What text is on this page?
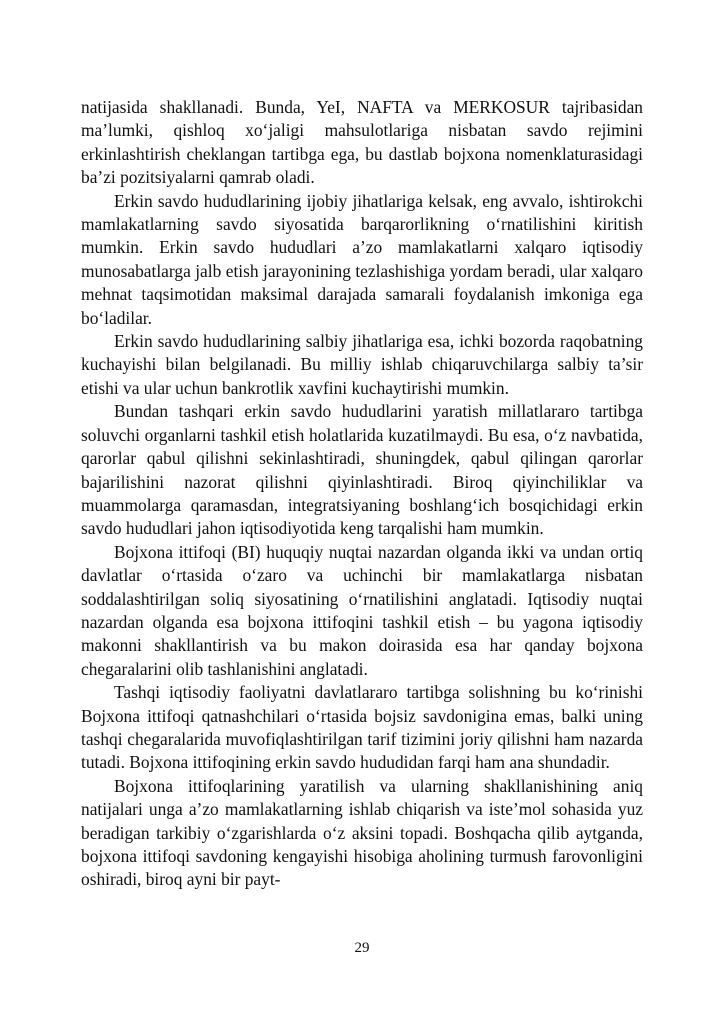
natijasida shakllanadi. Bunda, YeI, NAFTA va MERKOSUR tajribasidan ma’lumki, qishloq xo‘jaligi mahsulotlariga nisbatan savdo rejimini erkinlashtirish cheklangan tartibga ega, bu dastlab bojxona nomenklaturasidagi ba’zi pozitsiyalarni qamrab oladi.

Erkin savdo hududlarining ijobiy jihatlariga kelsak, eng avvalo, ishtirokchi mamlakatlarning savdo siyosatida barqarorlikning o‘rnatilishini kiritish mumkin. Erkin savdo hududlari a’zo mamlakatlarni xalqaro iqtisodiy munosabatlarga jalb etish jarayonining tezlashishiga yordam beradi, ular xalqaro mehnat taqsimotidan maksimal darajada samarali foydalanish imkoniga ega bo‘ladilar.

Erkin savdo hududlarining salbiy jihatlariga esa, ichki bozorda raqobatning kuchayishi bilan belgilanadi. Bu milliy ishlab chiqaruvchilarga salbiy ta’sir etishi va ular uchun bankrotlik xavfini kuchaytirishi mumkin.

Bundan tashqari erkin savdo hududlarini yaratish millatlararo tartibga soluvchi organlarni tashkil etish holatlarida kuzatilmaydi. Bu esa, o‘z navbatida, qarorlar qabul qilishni sekinlashtiradi, shuningdek, qabul qilingan qarorlar bajarilishini nazorat qilishni qiyinlashtiradi. Biroq qiyinchiliklar va muammolarga qaramasdan, integratsiyaning boshlang‘ich bosqichidagi erkin savdo hududlari jahon iqtisodiyotida keng tarqalishi ham mumkin.

Bojxona ittifoqi (BI) huquqiy nuqtai nazardan olganda ikki va undan ortiq davlatlar o‘rtasida o‘zaro va uchinchi bir mamlakatlarga nisbatan soddalashtirilgan soliq siyosatining o‘rnatilishini anglatadi. Iqtisodiy nuqtai nazardan olganda esa bojxona ittifoqini tashkil etish – bu yagona iqtisodiy makonni shakllantirish va bu makon doirasida esa har qanday bojxona chegaralarini olib tashlanishini anglatadi.

Tashqi iqtisodiy faoliyatni davlatlararo tartibga solishning bu ko‘rinishi Bojxona ittifoqi qatnashchilari o‘rtasida bojsiz savdonigina emas, balki uning tashqi chegaralarida muvofiqlashtirilgan tarif tizimini joriy qilishni ham nazarda tutadi. Bojxona ittifoqining erkin savdo hududidan farqi ham ana shundadir.

Bojxona ittifoqlarining yaratilish va ularning shakllanishining aniq natijalari unga a’zo mamlakatlarning ishlab chiqarish va iste’mol sohasida yuz beradigan tarkibiy o‘zgarishlarda o‘z aksini topadi. Boshqacha qilib aytganda, bojxona ittifoqi savdoning kengayishi hisobiga aholining turmush farovonligini oshiradi, biroq ayni bir payt-

29
